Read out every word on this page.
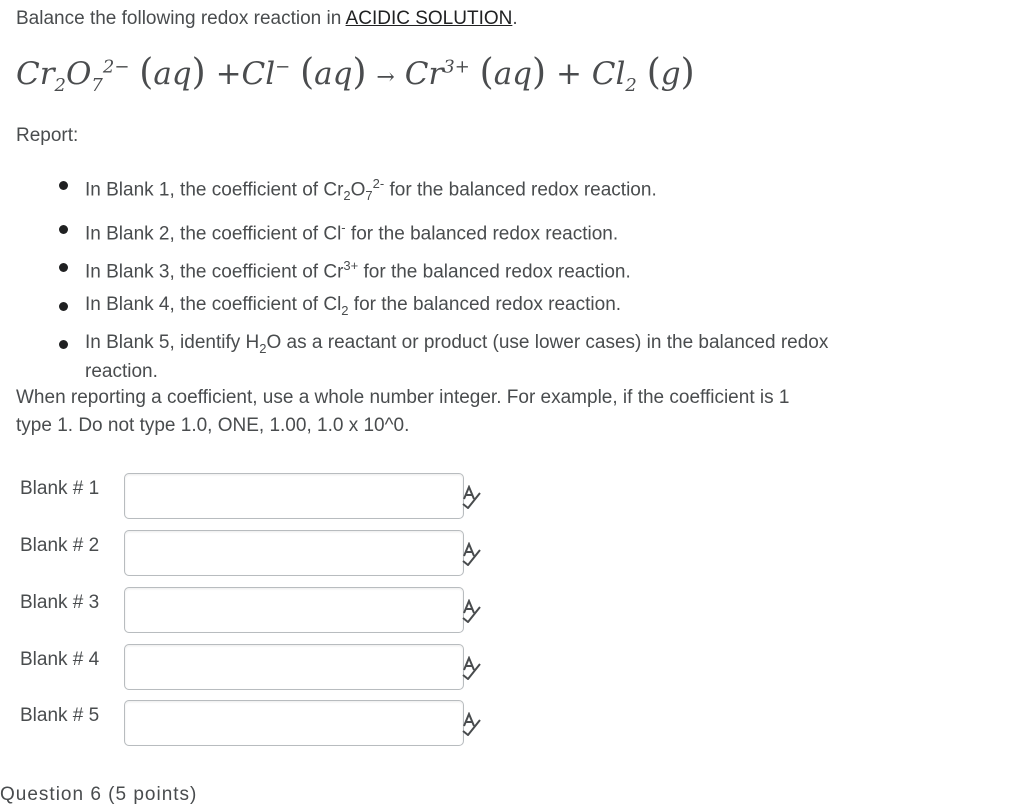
Balance the following redox reaction in ACIDIC SOLUTION.
$Cr_2O_7^{2-}$ (aq) +Cl− $(aq) \to Cr^{3+}$ $(aq) + Cl_2$ (g)
Report:
In Blank 1, the coefficient of $Cr_2O_7^{2-}$ for the balanced redox reaction.
In Blank 2, the coefficient of Cl- for the balanced redox reaction.
In Blank 3, the coefficient of $Cr^{3+}$ for the balanced redox reaction.
In Blank 4, the coefficient of $Cl_2$ for the balanced redox reaction.
In Blank 5, identify $H_2O$ as a reactant or product (use lower cases) in the balanced redox
reaction.
When reporting a coefficient, use a whole number integer. For example, if the coefficient is 1
type 1. Do not type 1.0, ONE, 1.00, 1.0 x 10^0.
Blank # 1
Blank # 2
Blank # 3
Blank # 4
Blank # 5
Question 6 (5 points)
